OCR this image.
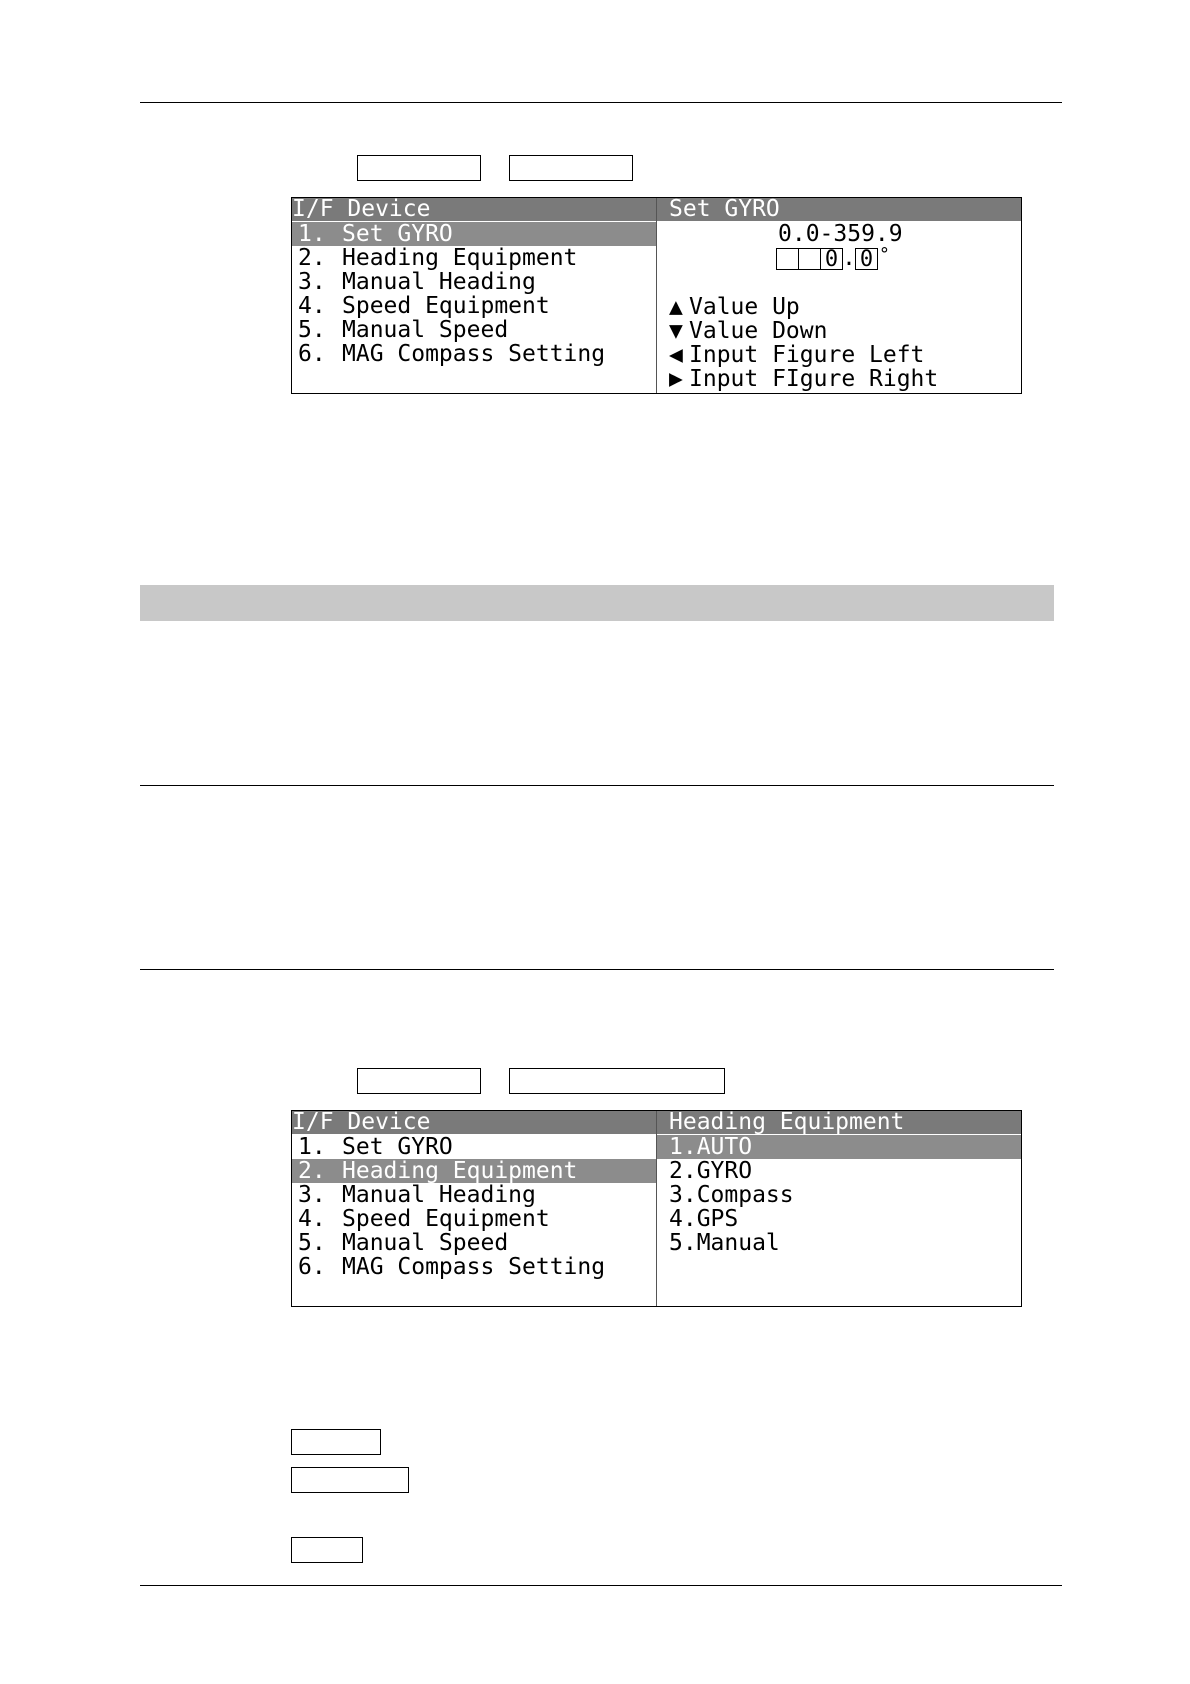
I/F Device	Set GYRO
1. Set GYRO
2. Heading Equipment
3. Manual Heading
4. Speed Equipment
5. Manual Speed
6. MAG Compass Setting
0.0-359.9
0 . 0 °
▲ Value Up
▼ Value Down
◀ Input Figure Left
▶ Input FIgure Right
I/F Device	Heading Equipment
1. Set GYRO
2. Heading Equipment
3. Manual Heading
4. Speed Equipment
5. Manual Speed
6. MAG Compass Setting
1.AUTO
2.GYRO
3.Compass
4.GPS
5.Manual
